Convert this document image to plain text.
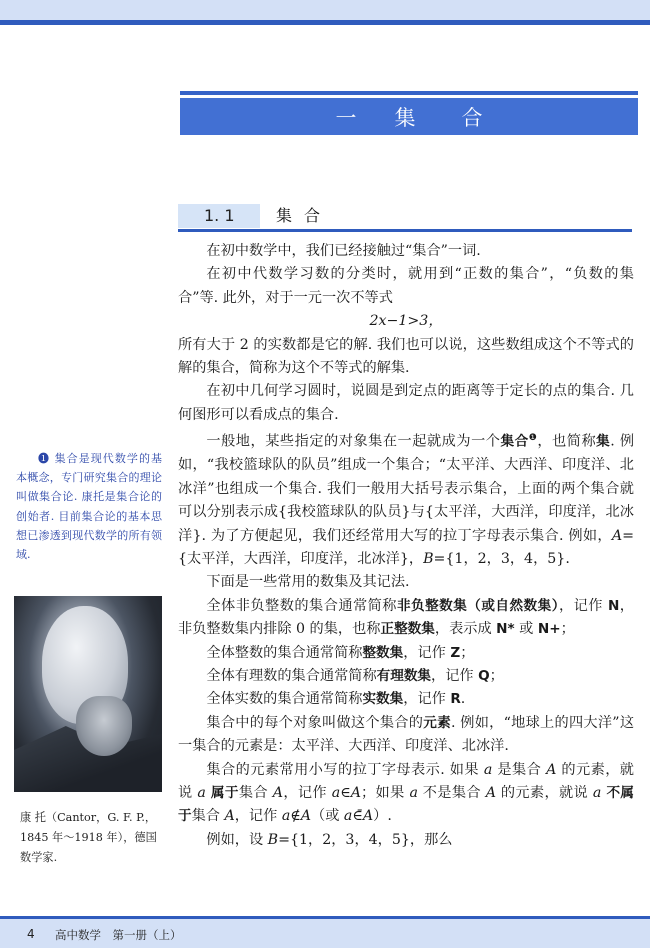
一 集 合
1. 1	集合

在初中数学中，我们已经接触过“集合”一词.

在初中代数学习数的分类时，就用到“正数的集合”，“负数的集合”等. 此外，对于一元一次不等式

2x−1>3，

所有大于 2 的实数都是它的解. 我们也可以说，这些数组成这个不等式的解的集合，简称为这个不等式的解集.

在初中几何学习圆时，说圆是到定点的距离等于定长的点的集合. 几何图形可以看成点的集合.

一般地，某些指定的对象集在一起就成为一个集合$^❶$，也简称集. 例如，“我校篮球队的队员”组成一个集合；“太平洋、大西洋、印度洋、北冰洋”也组成一个集合. 我们一般用大括号表示集合，上面的两个集合就可以分别表示成{我校篮球队的队员}与{太平洋，大西洋，印度洋，北冰洋}. 为了方便起见，我们还经常用大写的拉丁字母表示集合. 例如，A={太平洋，大西洋，印度洋，北冰洋}，B={1，2，3，4，5}.

下面是一些常用的数集及其记法.

全体非负整数的集合通常简称非负整数集（或自然数集），记作 N，非负整数集内排除 0 的集，也称正整数集，表示成 N* 或 N+；

全体整数的集合通常简称整数集，记作 Z；

全体有理数的集合通常简称有理数集，记作 Q；

全体实数的集合通常简称实数集，记作 R.

集合中的每个对象叫做这个集合的元素. 例如，“地球上的四大洋”这一集合的元素是：太平洋、大西洋、印度洋、北冰洋.

集合的元素常用小写的拉丁字母表示. 如果 a 是集合 A 的元素，就说 a 属于集合 A，记作 a∈A；如果 a 不是集合 A 的元素，就说 a 不属于集合 A，记作 a∉A（或 a∈̄A）.

例如，设 B={1，2，3，4，5}，那么

❶ 集合是现代数学的基本概念，专门研究集合的理论叫做集合论. 康托是集合论的创始者. 目前集合论的基本思想已渗透到现代数学的所有领域.

康 托（Cantor，G. F. P.，

1845 年～1918 年），德国

数学家.

4 高中数学　第一册（上）
